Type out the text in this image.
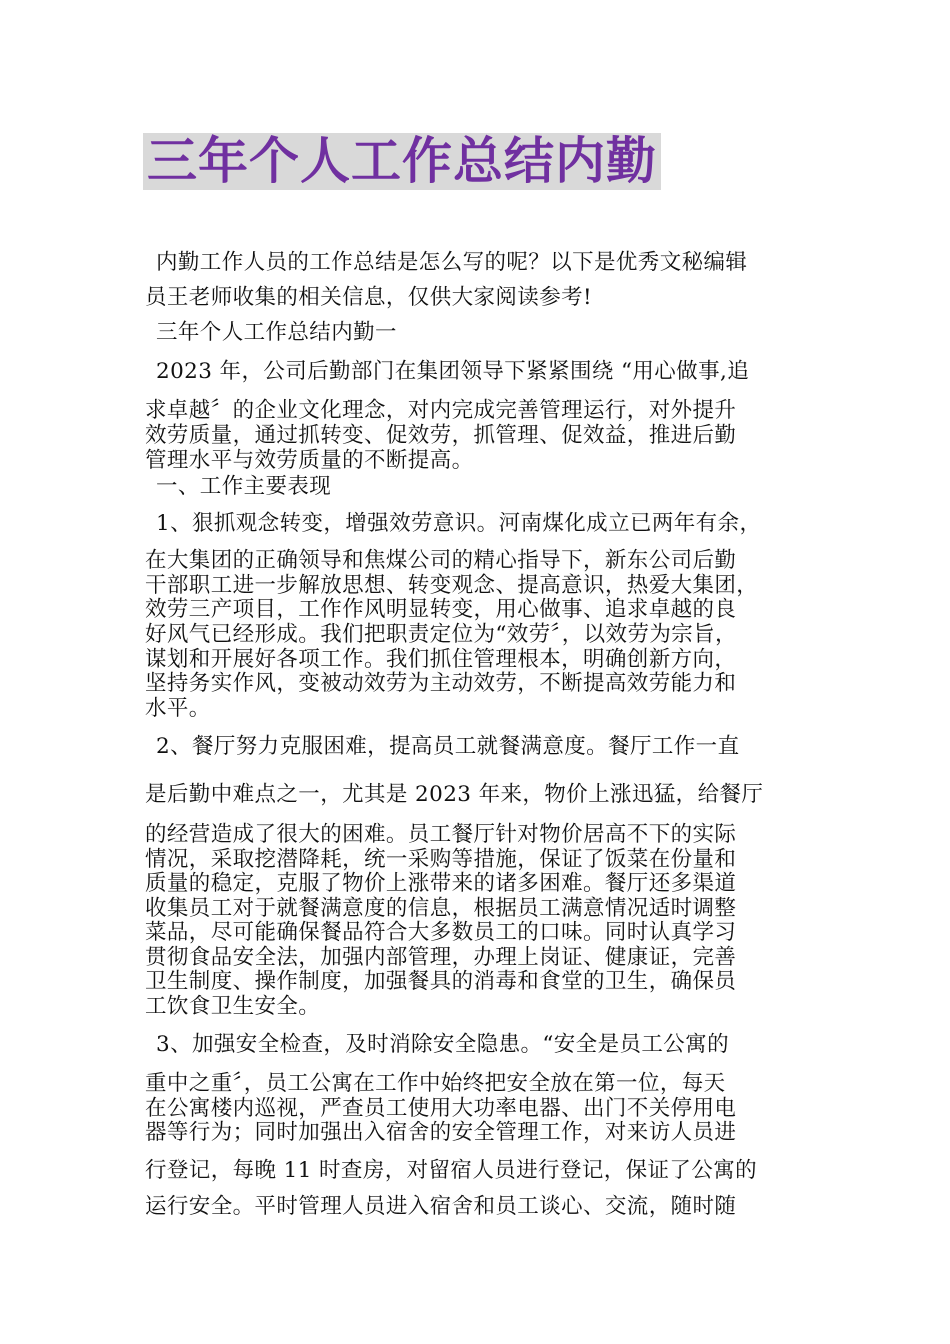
三年个人工作总结内勤
内勤工作人员的工作总结是怎么写的呢？以下是优秀文秘编辑
员王老师收集的相关信息，仅供大家阅读参考!
三年个人工作总结内勤一
2023 年，公司后勤部门在集团领导下紧紧围绕 “用心做事,追
求卓越〞的企业文化理念，对内完成完善管理运行，对外提升
效劳质量，通过抓转变、促效劳，抓管理、促效益，推进后勤
管理水平与效劳质量的不断提高。
一、工作主要表现
1、狠抓观念转变，增强效劳意识。河南煤化成立已两年有余，
在大集团的正确领导和焦煤公司的精心指导下，新东公司后勤
干部职工进一步解放思想、转变观念、提高意识，热爱大集团，
效劳三产项目，工作作风明显转变，用心做事、追求卓越的良
好风气已经形成。我们把职责定位为“效劳〞，以效劳为宗旨，
谋划和开展好各项工作。我们抓住管理根本，明确创新方向，
坚持务实作风，变被动效劳为主动效劳，不断提高效劳能力和
水平。
2、餐厅努力克服困难，提高员工就餐满意度。餐厅工作一直
是后勤中难点之一，尤其是 2023 年来，物价上涨迅猛，给餐厅
的经营造成了很大的困难。员工餐厅针对物价居高不下的实际
情况，采取挖潜降耗，统一采购等措施，保证了饭菜在份量和
质量的稳定，克服了物价上涨带来的诸多困难。餐厅还多渠道
收集员工对于就餐满意度的信息，根据员工满意情况适时调整
菜品，尽可能确保餐品符合大多数员工的口味。同时认真学习
贯彻食品安全法，加强内部管理，办理上岗证、健康证，完善
卫生制度、操作制度，加强餐具的消毒和食堂的卫生，确保员
工饮食卫生安全。
3、加强安全检查，及时消除安全隐患。“安全是员工公寓的
重中之重〞，员工公寓在工作中始终把安全放在第一位，每天
在公寓楼内巡视，严查员工使用大功率电器、出门不关停用电
器等行为；同时加强出入宿舍的安全管理工作，对来访人员进
行登记，每晚 11 时查房，对留宿人员进行登记，保证了公寓的
运行安全。平时管理人员进入宿舍和员工谈心、交流，随时随
